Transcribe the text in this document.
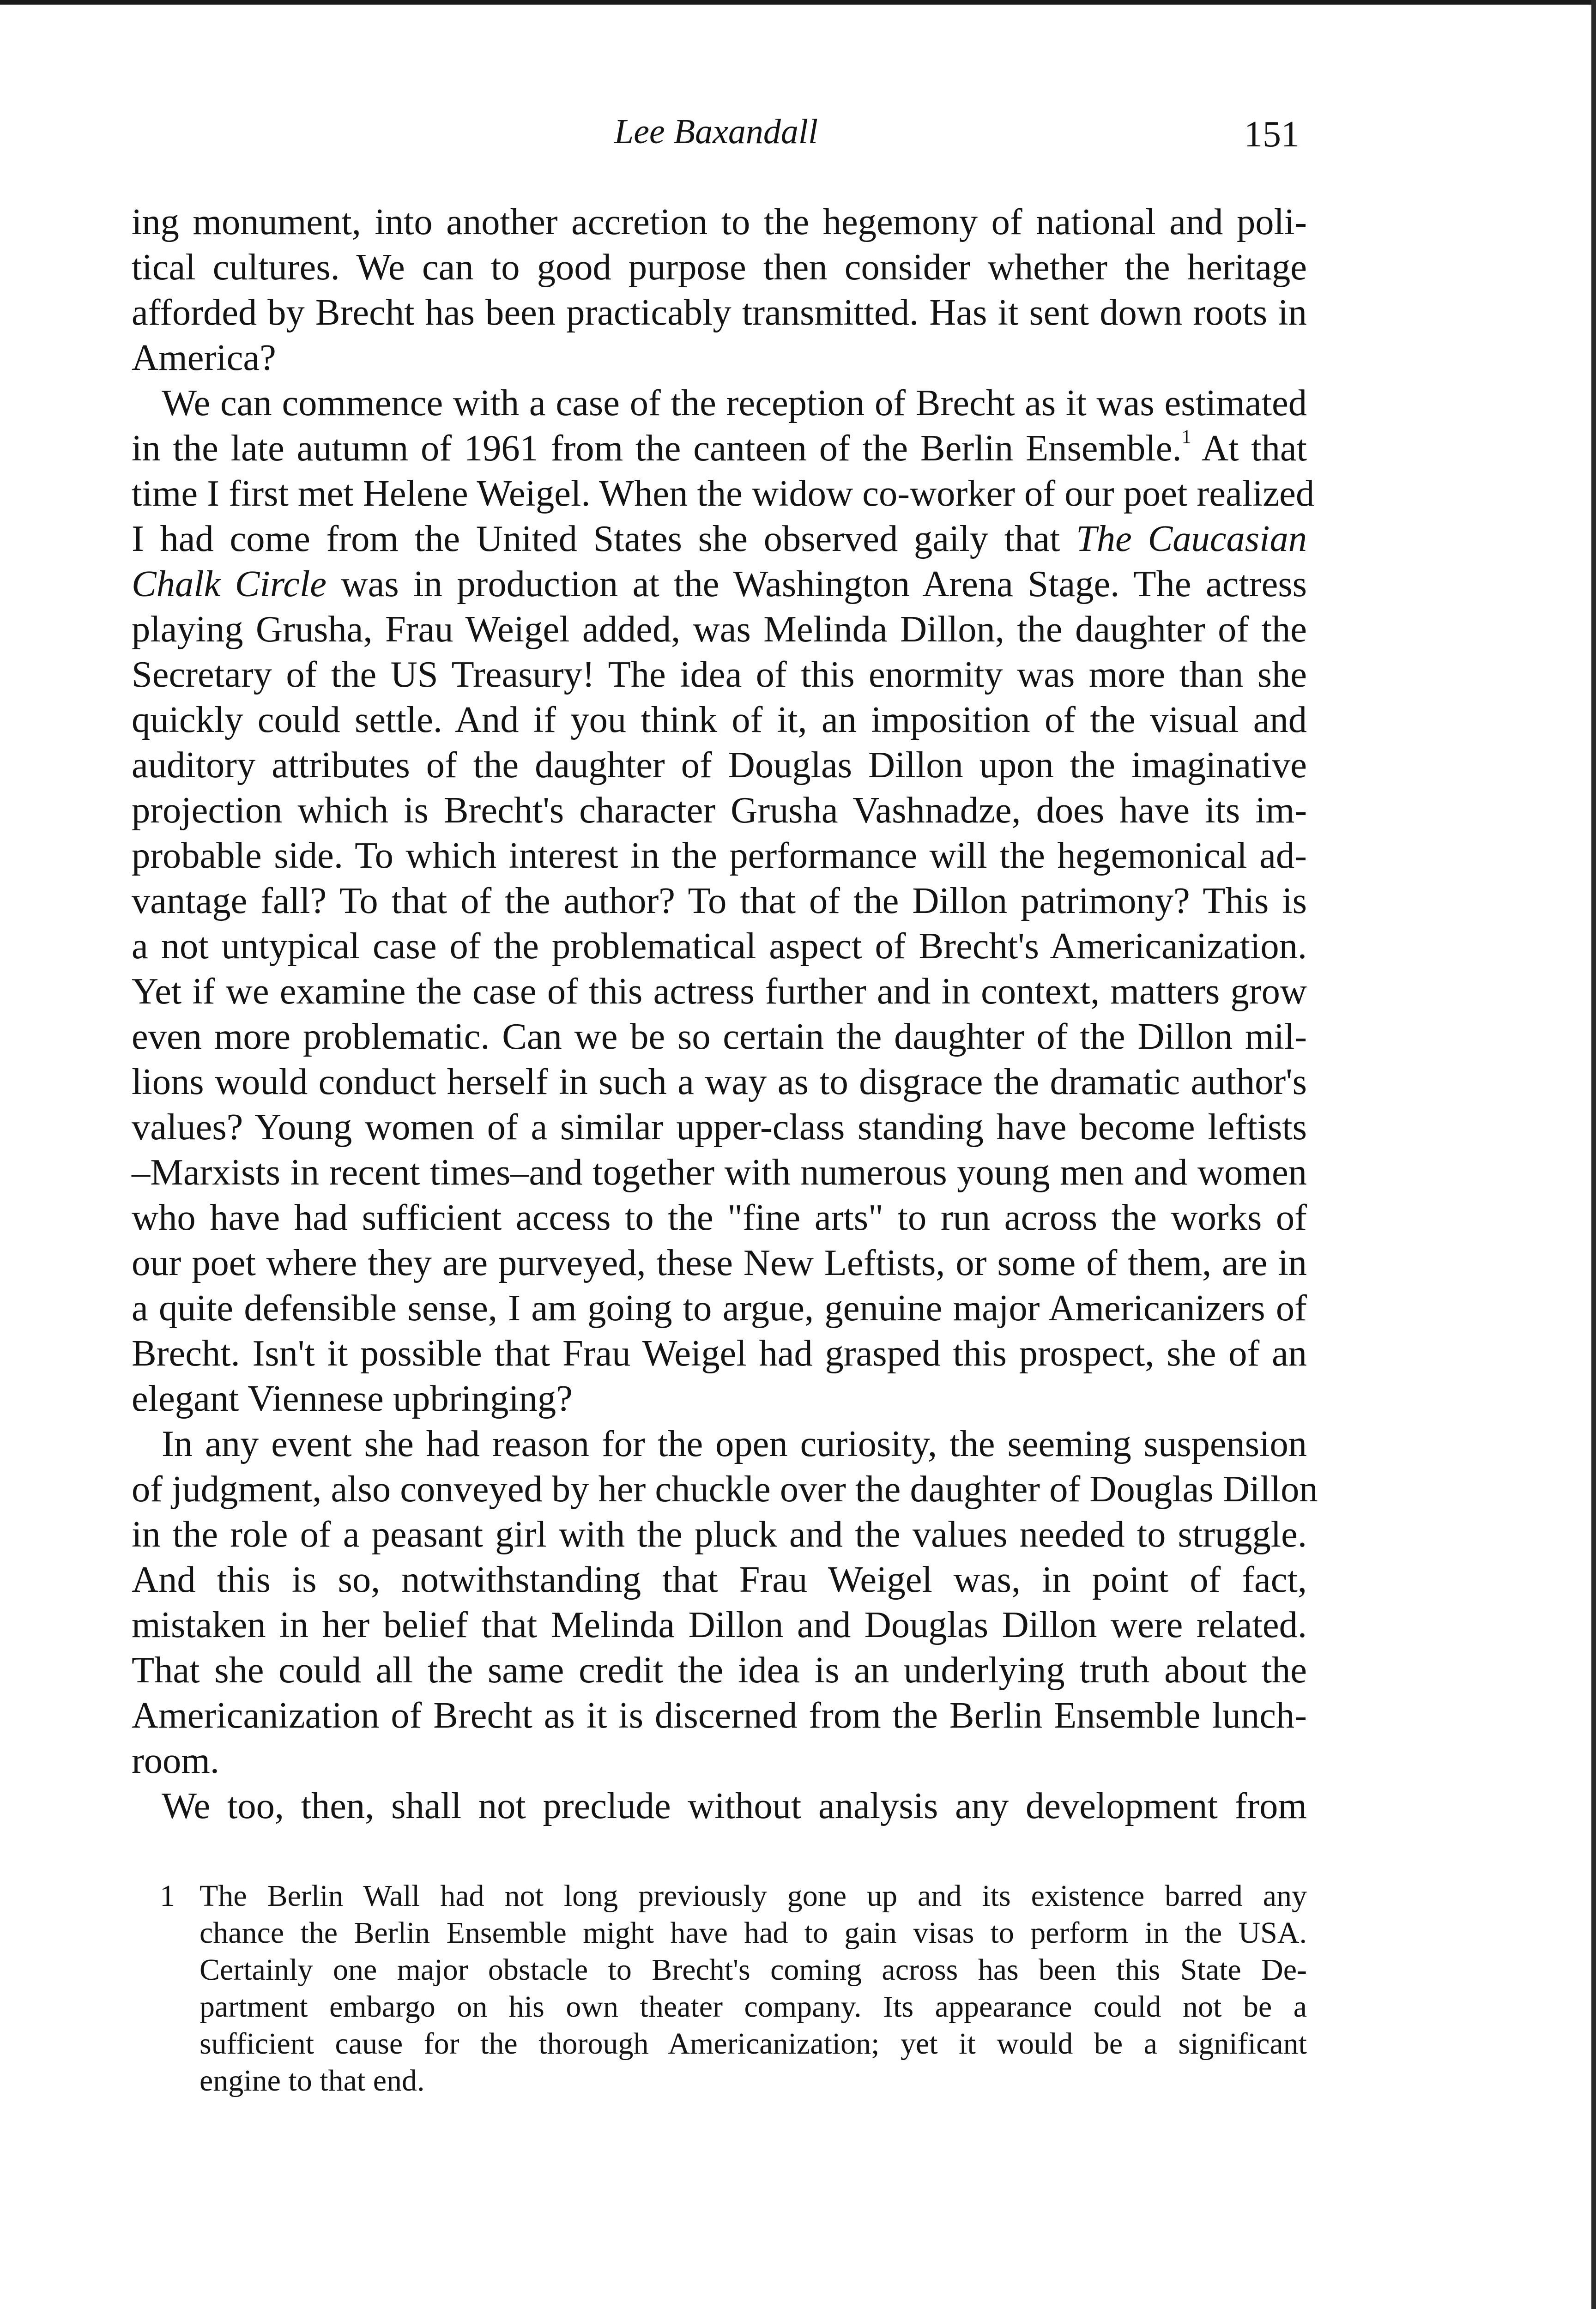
Lee Baxandall	151
ing monument, into another accretion to the hegemony of national and poli-
tical cultures. We can to good purpose then consider whether the heritage
afforded by Brecht has been practicably transmitted. Has it sent down roots in
America?
We can commence with a case of the reception of Brecht as it was estimated
in the late autumn of 1961 from the canteen of the Berlin Ensemble.$^1$ At that
time I first met Helene Weigel. When the widow co-worker of our poet realized
I had come from the United States she observed gaily that The Caucasian
Chalk Circle was in production at the Washington Arena Stage. The actress
playing Grusha, Frau Weigel added, was Melinda Dillon, the daughter of the
Secretary of the US Treasury! The idea of this enormity was more than she
quickly could settle. And if you think of it, an imposition of the visual and
auditory attributes of the daughter of Douglas Dillon upon the imaginative
projection which is Brecht's character Grusha Vashnadze, does have its im-
probable side. To which interest in the performance will the hegemonical ad-
vantage fall? To that of the author? To that of the Dillon patrimony? This is
a not untypical case of the problematical aspect of Brecht's Americanization.
Yet if we examine the case of this actress further and in context, matters grow
even more problematic. Can we be so certain the daughter of the Dillon mil-
lions would conduct herself in such a way as to disgrace the dramatic author's
values? Young women of a similar upper-class standing have become leftists
–Marxists in recent times–and together with numerous young men and women
who have had sufficient access to the "fine arts" to run across the works of
our poet where they are purveyed, these New Leftists, or some of them, are in
a quite defensible sense, I am going to argue, genuine major Americanizers of
Brecht. Isn't it possible that Frau Weigel had grasped this prospect, she of an
elegant Viennese upbringing?
In any event she had reason for the open curiosity, the seeming suspension
of judgment, also conveyed by her chuckle over the daughter of Douglas Dillon
in the role of a peasant girl with the pluck and the values needed to struggle.
And this is so, notwithstanding that Frau Weigel was, in point of fact,
mistaken in her belief that Melinda Dillon and Douglas Dillon were related.
That she could all the same credit the idea is an underlying truth about the
Americanization of Brecht as it is discerned from the Berlin Ensemble lunch-
room.
We too, then, shall not preclude without analysis any development from
1 The Berlin Wall had not long previously gone up and its existence barred any
chance the Berlin Ensemble might have had to gain visas to perform in the USA.
Certainly one major obstacle to Brecht's coming across has been this State De-
partment embargo on his own theater company. Its appearance could not be a
sufficient cause for the thorough Americanization; yet it would be a significant
engine to that end.
